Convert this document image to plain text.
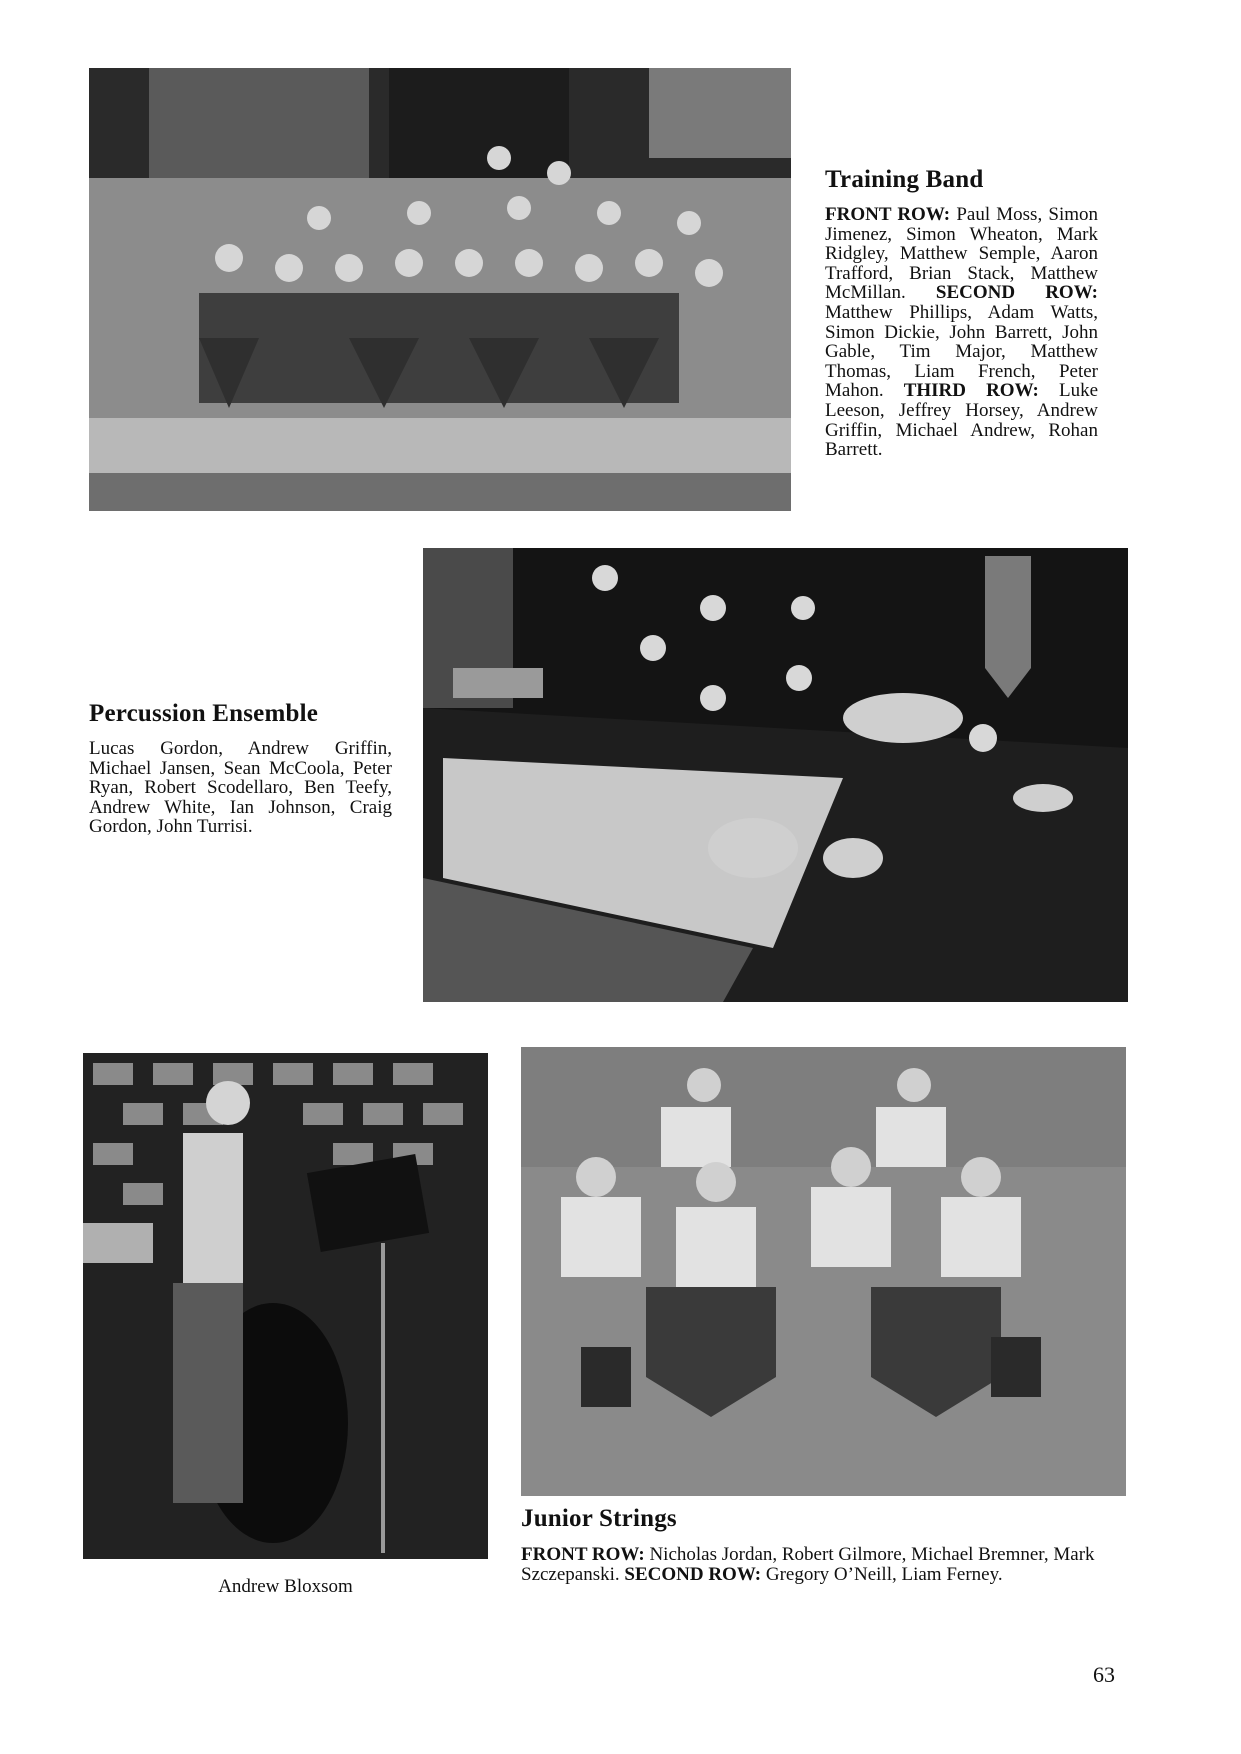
Training Band

FRONT ROW: Paul Moss, Simon Jimenez, Simon Wheaton, Mark Ridgley, Matthew Semple, Aaron Trafford, Brian Stack, Matthew McMillan. SECOND ROW: Matthew Phillips, Adam Watts, Simon Dickie, John Barrett, John Gable, Tim Major, Matthew Thomas, Liam French, Peter Mahon. THIRD ROW: Luke Leeson, Jeffrey Horsey, Andrew Griffin, Michael Andrew, Rohan Barrett.

Percussion Ensemble

Lucas Gordon, Andrew Griffin, Michael Jansen, Sean McCoola, Peter Ryan, Robert Scodellaro, Ben Teefy, Andrew White, Ian Johnson, Craig Gordon, John Turrisi.

Andrew Bloxsom
Junior Strings

FRONT ROW: Nicholas Jordan, Robert Gilmore, Michael Bremner, Mark Szczepanski. SECOND ROW: Gregory O’Neill, Liam Ferney.

63
